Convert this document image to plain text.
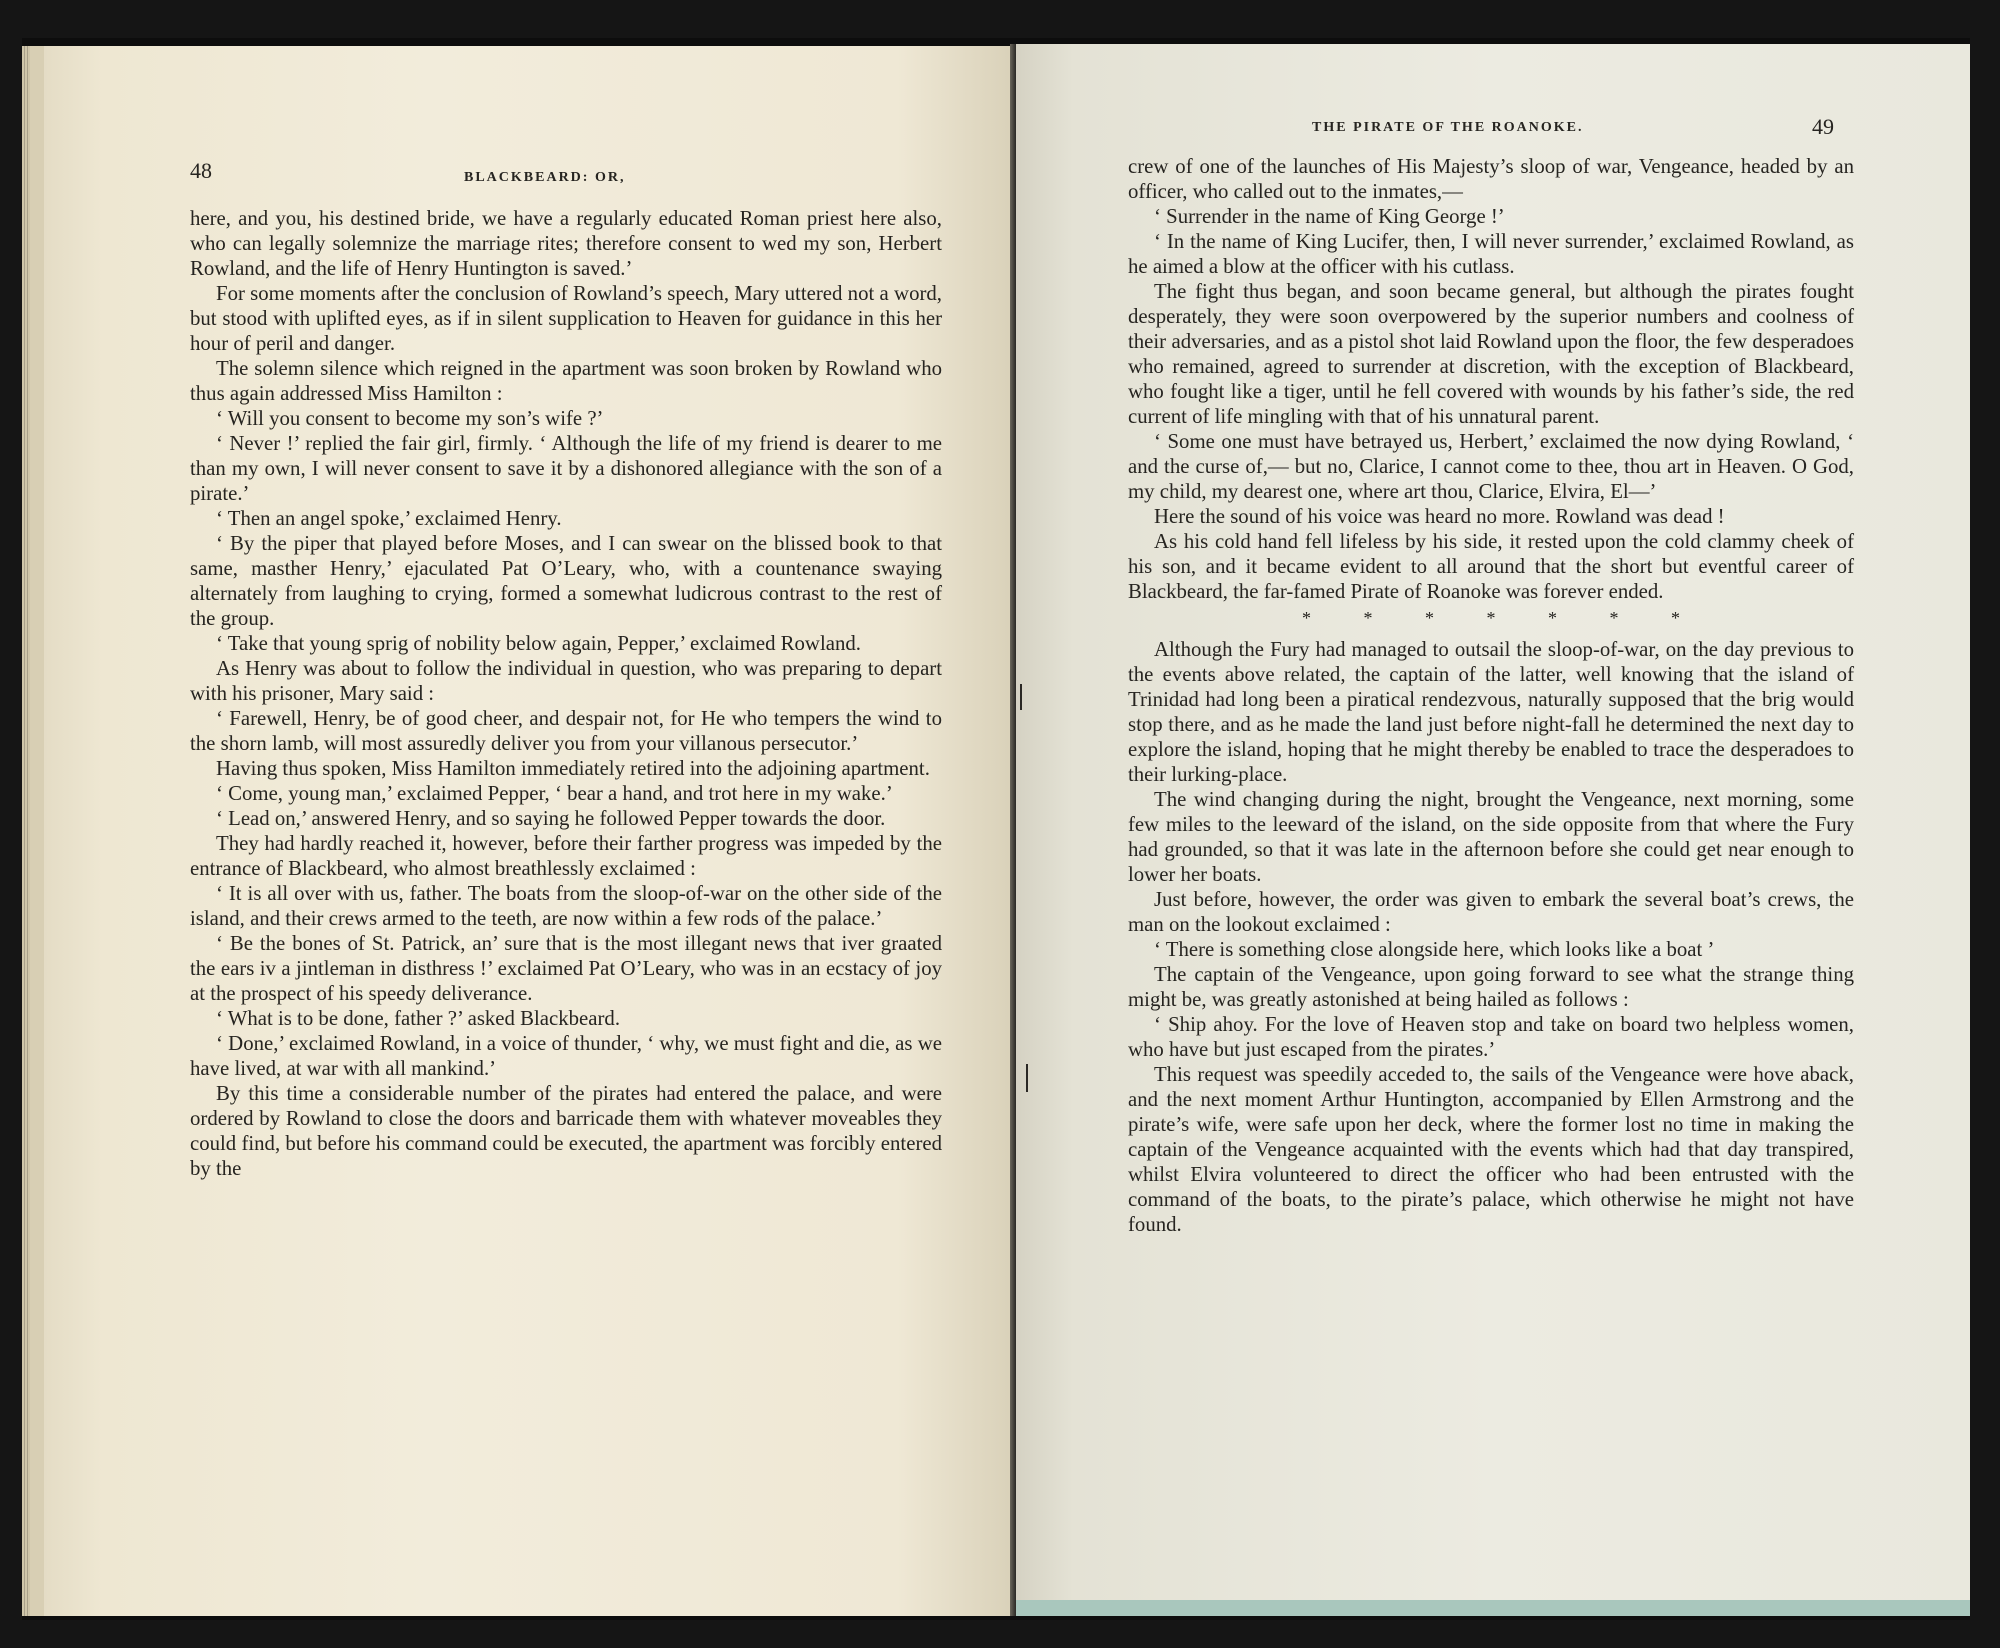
48	BLACKBEARD: OR,

here, and you, his destined bride, we have a regularly educated Roman priest here also, who can legally solemnize the marriage rites; therefore consent to wed my son, Herbert Rowland, and the life of Henry Huntington is saved.’

For some moments after the conclusion of Rowland’s speech, Mary uttered not a word, but stood with uplifted eyes, as if in silent supplication to Heaven for guidance in this her hour of peril and danger.

The solemn silence which reigned in the apartment was soon broken by Rowland who thus again addressed Miss Hamilton :

‘ Will you consent to become my son’s wife ?’

‘ Never !’ replied the fair girl, firmly. ‘ Although the life of my friend is dearer to me than my own, I will never consent to save it by a dishonored allegiance with the son of a pirate.’

‘ Then an angel spoke,’ exclaimed Henry.

‘ By the piper that played before Moses, and I can swear on the blissed book to that same, masther Henry,’ ejaculated Pat O’Leary, who, with a countenance swaying alternately from laughing to crying, formed a somewhat ludicrous contrast to the rest of the group.

‘ Take that young sprig of nobility below again, Pepper,’ exclaimed Rowland.

As Henry was about to follow the individual in question, who was preparing to depart with his prisoner, Mary said :

‘ Farewell, Henry, be of good cheer, and despair not, for He who tempers the wind to the shorn lamb, will most assuredly deliver you from your villanous persecutor.’

Having thus spoken, Miss Hamilton immediately retired into the adjoining apartment.

‘ Come, young man,’ exclaimed Pepper, ‘ bear a hand, and trot here in my wake.’

‘ Lead on,’ answered Henry, and so saying he followed Pepper towards the door.

They had hardly reached it, however, before their farther progress was impeded by the entrance of Blackbeard, who almost breathlessly exclaimed :

‘ It is all over with us, father. The boats from the sloop-of-war on the other side of the island, and their crews armed to the teeth, are now within a few rods of the palace.’

‘ Be the bones of St. Patrick, an’ sure that is the most illegant news that iver graated the ears iv a jintleman in disthress !’ exclaimed Pat O’Leary, who was in an ecstacy of joy at the prospect of his speedy deliverance.

‘ What is to be done, father ?’ asked Blackbeard.

‘ Done,’ exclaimed Rowland, in a voice of thunder, ‘ why, we must fight and die, as we have lived, at war with all mankind.’

By this time a considerable number of the pirates had entered the palace, and were ordered by Rowland to close the doors and barricade them with whatever moveables they could find, but before his command could be executed, the apartment was forcibly entered by the

THE PIRATE OF THE ROANOKE.	49

crew of one of the launches of His Majesty’s sloop of war, Vengeance, headed by an officer, who called out to the inmates,—

‘ Surrender in the name of King George !’

‘ In the name of King Lucifer, then, I will never surrender,’ exclaimed Rowland, as he aimed a blow at the officer with his cutlass.

The fight thus began, and soon became general, but although the pirates fought desperately, they were soon overpowered by the superior numbers and coolness of their adversaries, and as a pistol shot laid Rowland upon the floor, the few desperadoes who remained, agreed to surrender at discretion, with the exception of Blackbeard, who fought like a tiger, until he fell covered with wounds by his father’s side, the red current of life mingling with that of his unnatural parent.

‘ Some one must have betrayed us, Herbert,’ exclaimed the now dying Rowland, ‘ and the curse of,— but no, Clarice, I cannot come to thee, thou art in Heaven. O God, my child, my dearest one, where art thou, Clarice, Elvira, El—’

Here the sound of his voice was heard no more. Rowland was dead !

As his cold hand fell lifeless by his side, it rested upon the cold clammy cheek of his son, and it became evident to all around that the short but eventful career of Blackbeard, the far-famed Pirate of Roanoke was forever ended.

* * * * * * *

Although the Fury had managed to outsail the sloop-of-war, on the day previous to the events above related, the captain of the latter, well knowing that the island of Trinidad had long been a piratical rendezvous, naturally supposed that the brig would stop there, and as he made the land just before night-fall he determined the next day to explore the island, hoping that he might thereby be enabled to trace the desperadoes to their lurking-place.

The wind changing during the night, brought the Vengeance, next morning, some few miles to the leeward of the island, on the side opposite from that where the Fury had grounded, so that it was late in the afternoon before she could get near enough to lower her boats.

Just before, however, the order was given to embark the several boat’s crews, the man on the lookout exclaimed :

‘ There is something close alongside here, which looks like a boat ’

The captain of the Vengeance, upon going forward to see what the strange thing might be, was greatly astonished at being hailed as follows :

‘ Ship ahoy. For the love of Heaven stop and take on board two helpless women, who have but just escaped from the pirates.’

This request was speedily acceded to, the sails of the Vengeance were hove aback, and the next moment Arthur Huntington, accompanied by Ellen Armstrong and the pirate’s wife, were safe upon her deck, where the former lost no time in making the captain of the Vengeance acquainted with the events which had that day transpired, whilst Elvira volunteered to direct the officer who had been entrusted with the command of the boats, to the pirate’s palace, which otherwise he might not have found.
